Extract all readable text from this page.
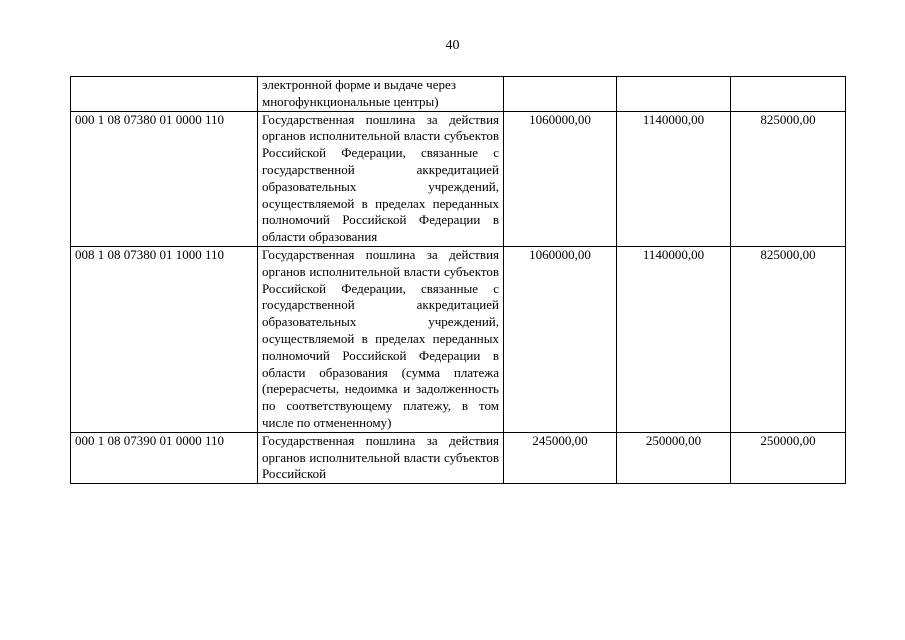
40

	электронной форме и выдаче через
многофункциональные центры)			

000 1 08 07380 01 0000 110	Государственная пошлина за действия органов исполнительной власти субъектов Российской Федерации, связанные с государственной аккредитацией образовательных учреждений, осуществляемой в пределах переданных полномочий Российской Федерации в области образования	1060000,00	1140000,00	825000,00
008 1 08 07380 01 1000 110	Государственная пошлина за действия органов исполнительной власти субъектов Российской Федерации, связанные с государственной аккредитацией образовательных учреждений, осуществляемой в пределах переданных полномочий Российской Федерации в области образования (сумма платежа (перерасчеты, недоимка и задолженность по соответствующему платежу, в том числе по отмененному)	1060000,00	1140000,00	825000,00
000 1 08 07390 01 0000 110	Государственная пошлина за действия органов исполнительной власти субъектов Российской	245000,00	250000,00	250000,00
